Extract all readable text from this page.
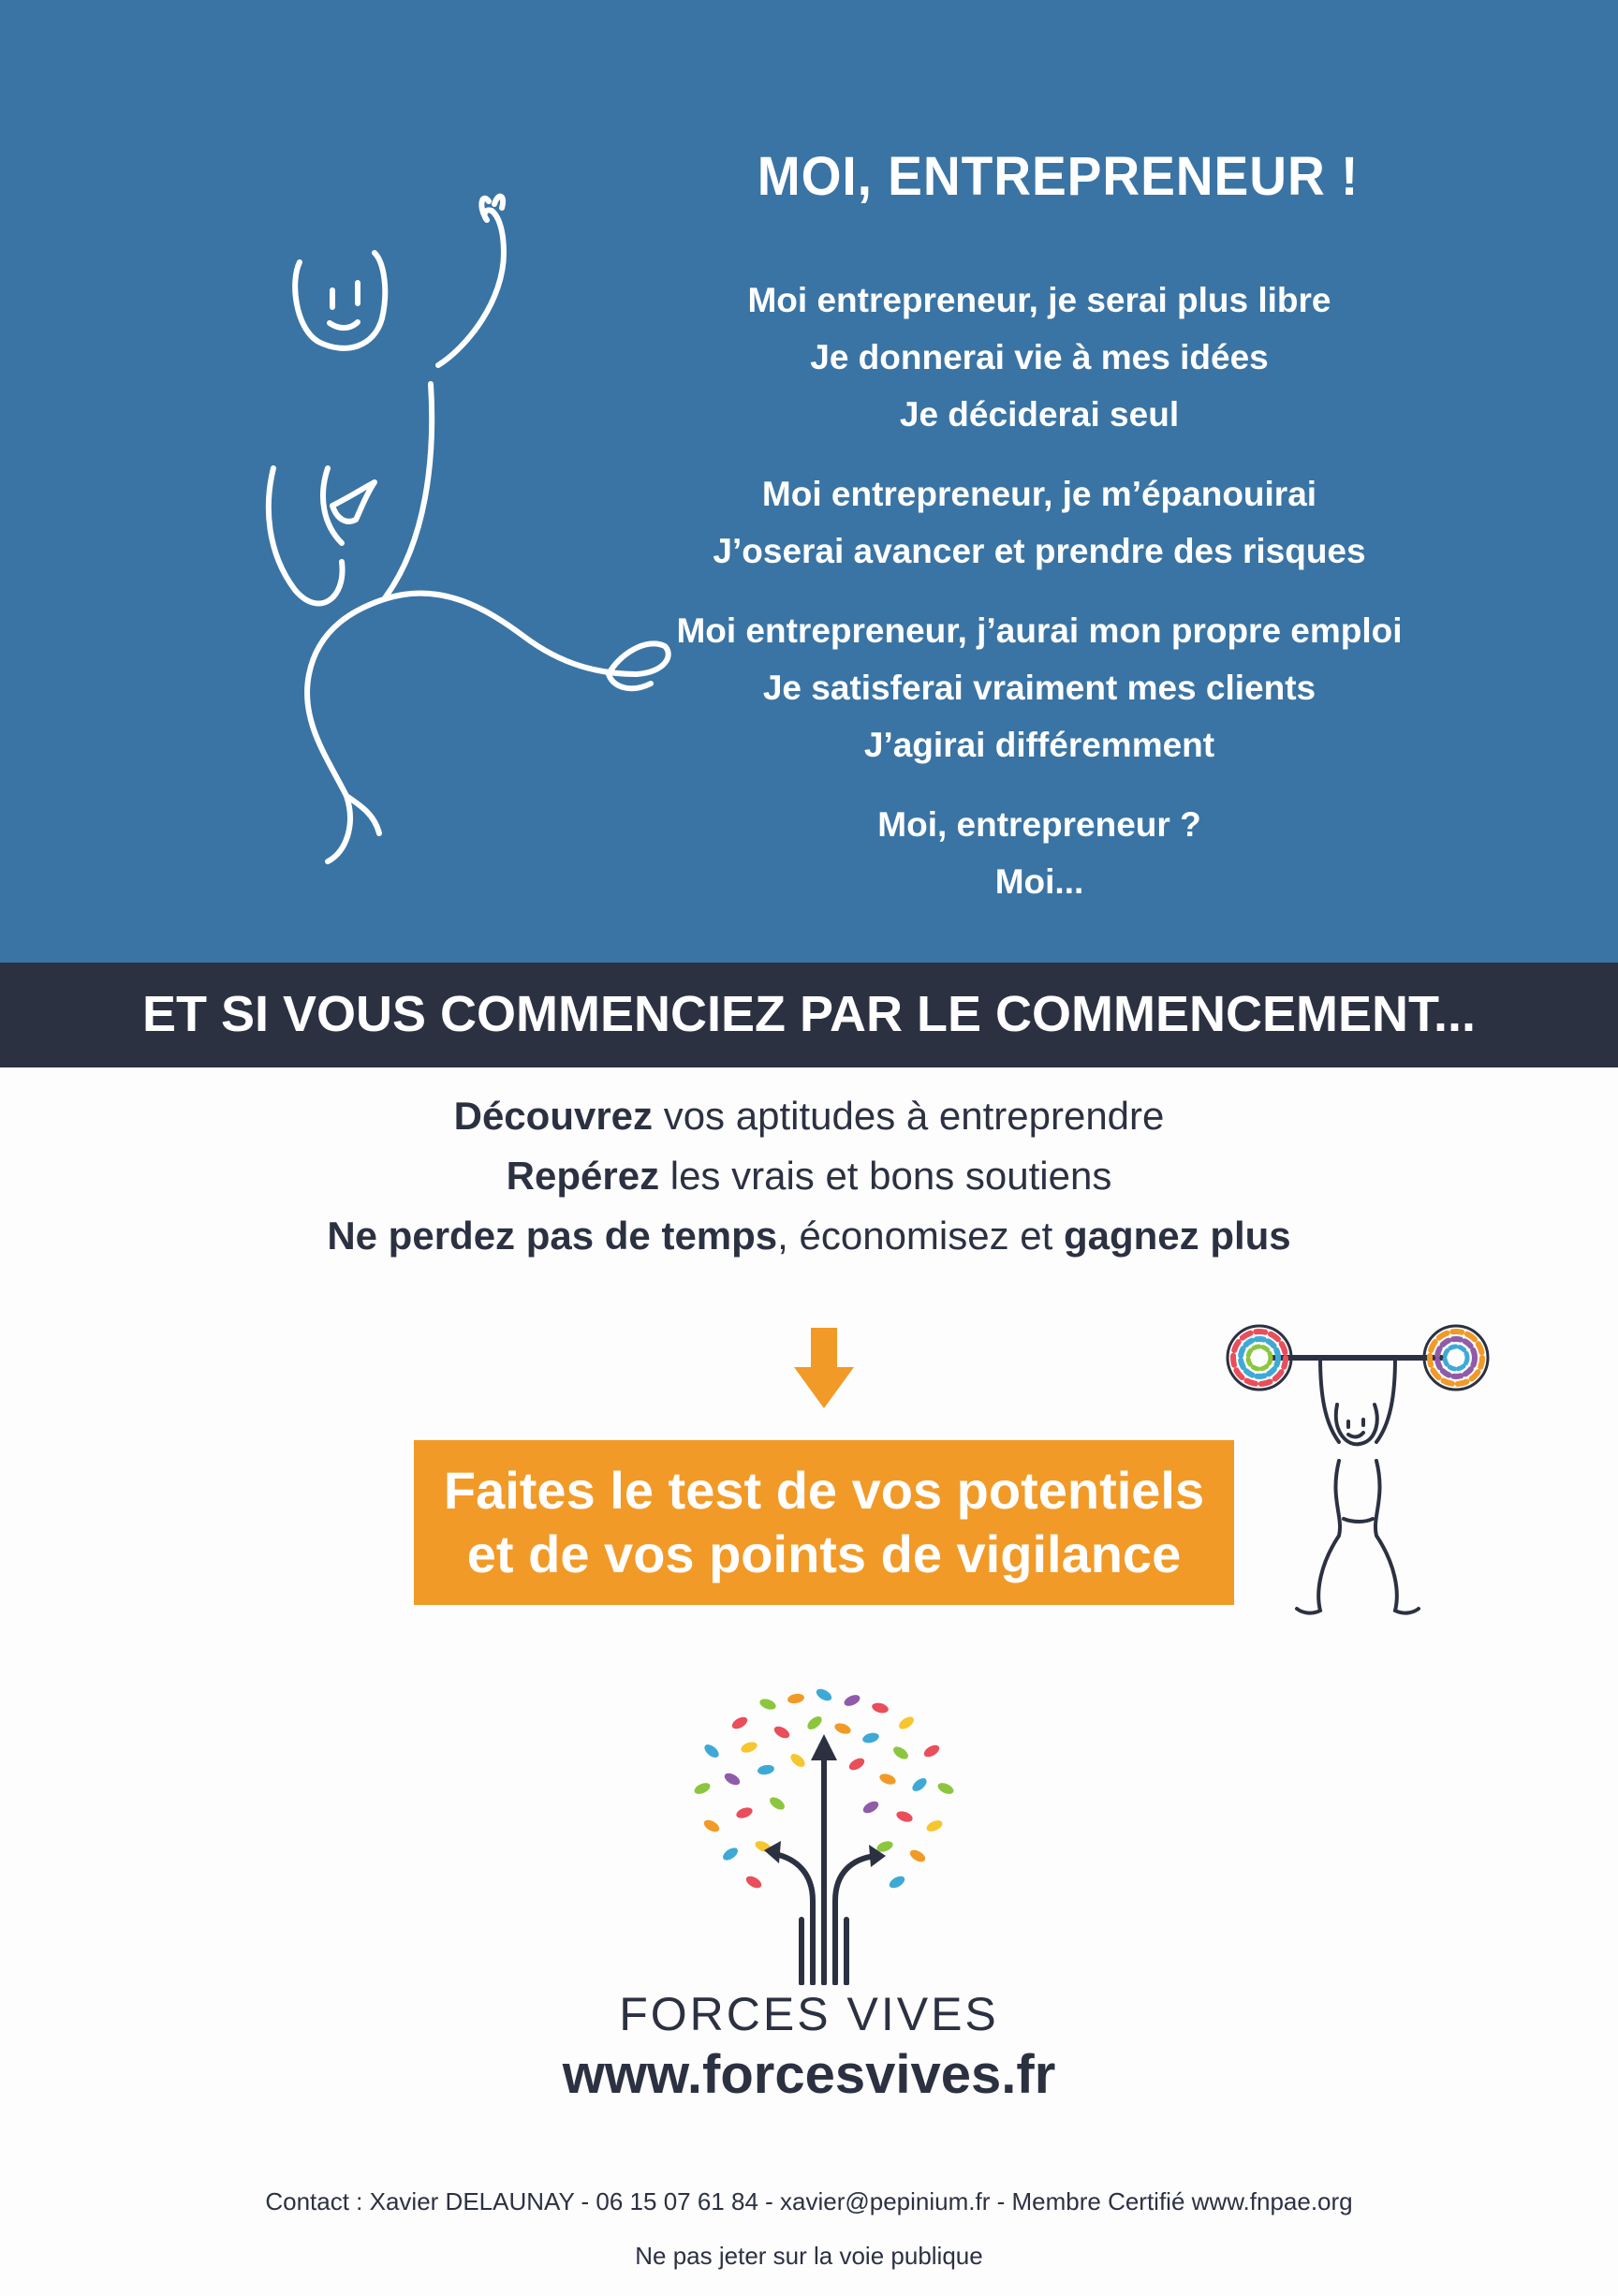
MOI, ENTREPRENEUR !
Moi entrepreneur, je serai plus libre
Je donnerai vie à mes idées
Je déciderai seul
Moi entrepreneur, je m’épanouirai
J’oserai avancer et prendre des risques
Moi entrepreneur, j’aurai mon propre emploi
Je satisferai vraiment mes clients
J’agirai différemment
Moi, entrepreneur ?
Moi...
ET SI VOUS COMMENCIEZ PAR LE COMMENCEMENT...
Découvrez vos aptitudes à entreprendre
Repérez les vrais et bons soutiens
Ne perdez pas de temps, économisez et gagnez plus
Faites le test de vos potentiels
et de vos points de vigilance
FORCES VIVES
www.forcesvives.fr
Contact : Xavier DELAUNAY - 06 15 07 61 84 - xavier@pepinium.fr - Membre Certifié www.fnpae.org
Ne pas jeter sur la voie publique
